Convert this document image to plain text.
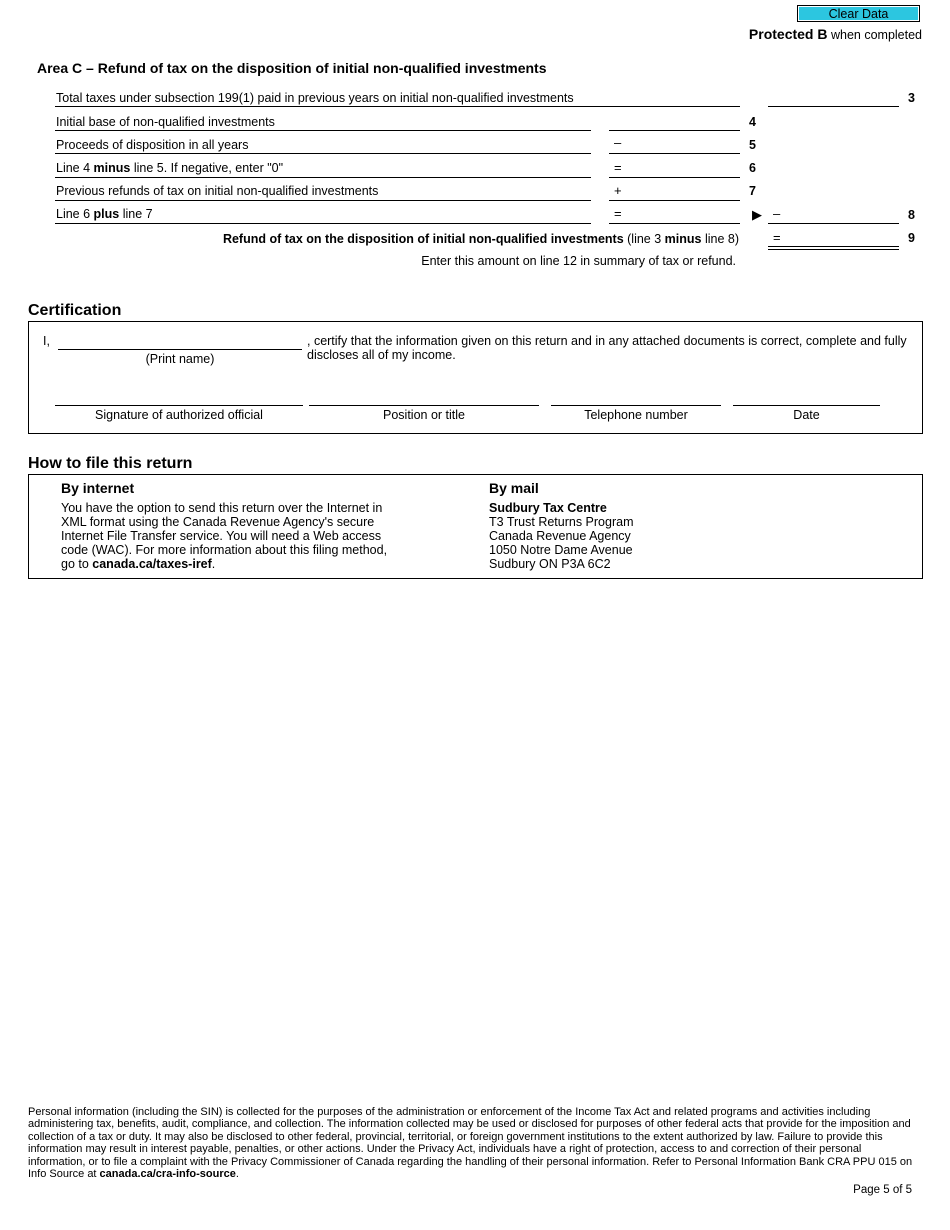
Clear Data
Protected B when completed
Area C – Refund of tax on the disposition of initial non-qualified investments
Total taxes under subsection 199(1) paid in previous years on initial non-qualified investments	3
Initial base of non-qualified investments	4
Proceeds of disposition in all years	–	5
Line 4 minus line 5. If negative, enter "0"	=	6
Previous refunds of tax on initial non-qualified investments	+	7
Line 6 plus line 7	=	▶ –	8
Refund of tax on the disposition of initial non-qualified investments (line 3 minus line 8)	=	9
Enter this amount on line 12 in summary of tax or refund.
Certification
I,
(Print name)
, certify that the information given on this return and in any attached documents is correct, complete and fully discloses all of my income.
Signature of authorized official	Position or title	Telephone number	Date
How to file this return
By internet
You have the option to send this return over the Internet in XML format using the Canada Revenue Agency's secure Internet File Transfer service. You will need a Web access code (WAC). For more information about this filing method, go to canada.ca/taxes-iref.
By mail
Sudbury Tax Centre
T3 Trust Returns Program
Canada Revenue Agency
1050 Notre Dame Avenue
Sudbury ON P3A 6C2
Personal information (including the SIN) is collected for the purposes of the administration or enforcement of the Income Tax Act and related programs and activities including administering tax, benefits, audit, compliance, and collection. The information collected may be used or disclosed for purposes of other federal acts that provide for the imposition and collection of a tax or duty. It may also be disclosed to other federal, provincial, territorial, or foreign government institutions to the extent authorized by law. Failure to provide this information may result in interest payable, penalties, or other actions. Under the Privacy Act, individuals have a right of protection, access to and correction of their personal information, or to file a complaint with the Privacy Commissioner of Canada regarding the handling of their personal information. Refer to Personal Information Bank CRA PPU 015 on Info Source at canada.ca/cra-info-source.
Page 5 of 5
